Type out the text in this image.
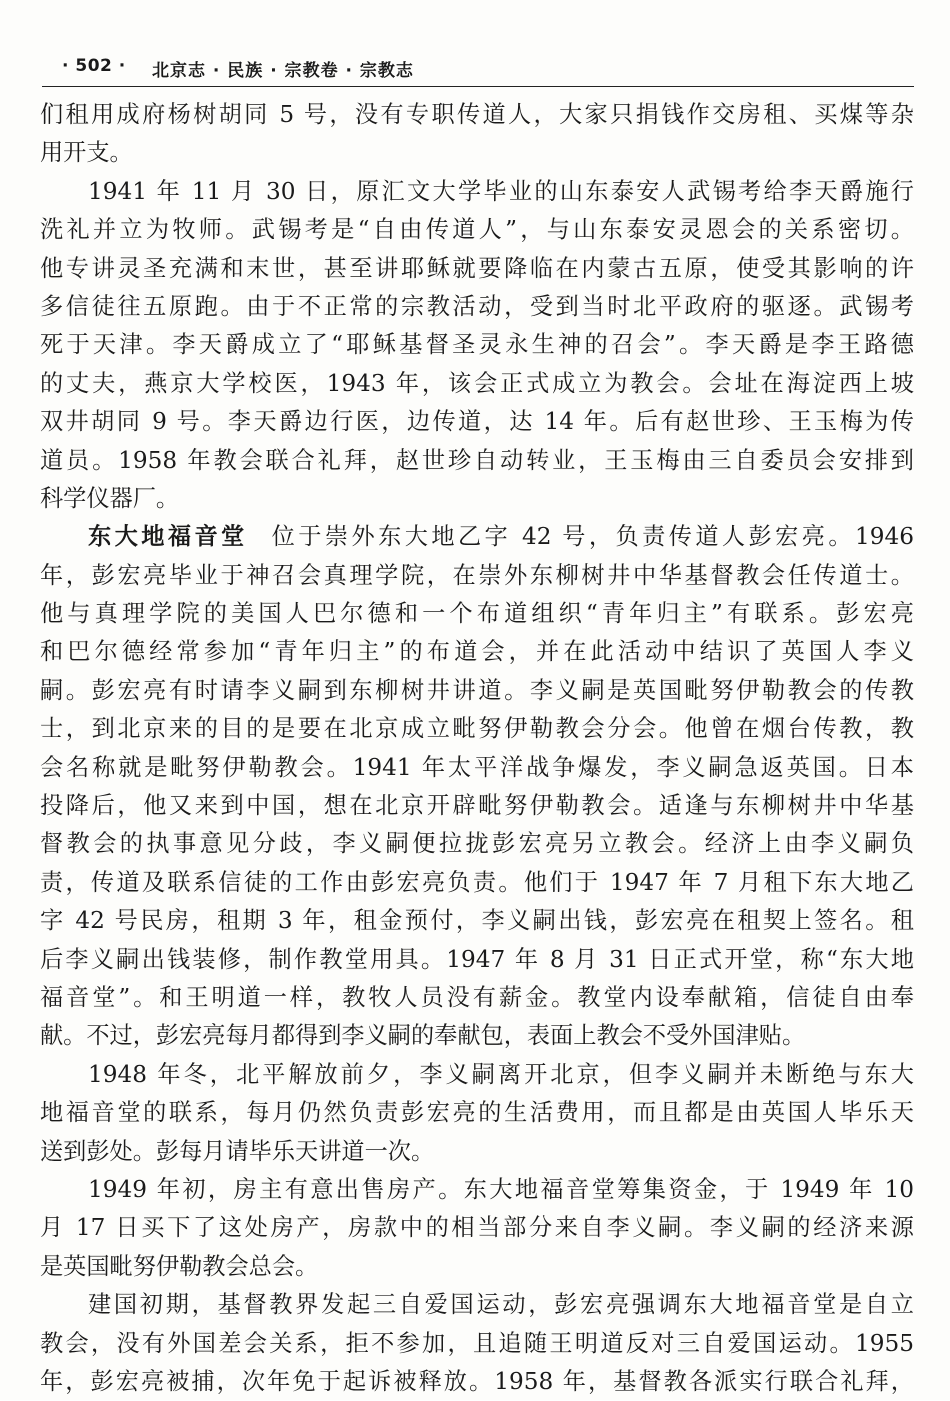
· 502 · 北京志 · 民族 · 宗教卷 · 宗教志
们租用成府杨树胡同 5 号，没有专职传道人，大家只捐钱作交房租、买煤等杂
用开支。
1941 年 11 月 30 日，原汇文大学毕业的山东泰安人武锡考给李天爵施行
洗礼并立为牧师。武锡考是“自由传道人”，与山东泰安灵恩会的关系密切。
他专讲灵圣充满和末世，甚至讲耶稣就要降临在内蒙古五原，使受其影响的许
多信徒往五原跑。由于不正常的宗教活动，受到当时北平政府的驱逐。武锡考
死于天津。李天爵成立了“耶稣基督圣灵永生神的召会”。李天爵是李王路德
的丈夫，燕京大学校医，1943 年，该会正式成立为教会。会址在海淀西上坡
双井胡同 9 号。李天爵边行医，边传道，达 14 年。后有赵世珍、王玉梅为传
道员。1958 年教会联合礼拜，赵世珍自动转业，王玉梅由三自委员会安排到
科学仪器厂。
东大地福音堂 位于崇外东大地乙字 42 号，负责传道人彭宏亮。1946
年，彭宏亮毕业于神召会真理学院，在崇外东柳树井中华基督教会任传道士。
他与真理学院的美国人巴尔德和一个布道组织“青年归主”有联系。彭宏亮
和巴尔德经常参加“青年归主”的布道会，并在此活动中结识了英国人李义
嗣。彭宏亮有时请李义嗣到东柳树井讲道。李义嗣是英国毗努伊勒教会的传教
士，到北京来的目的是要在北京成立毗努伊勒教会分会。他曾在烟台传教，教
会名称就是毗努伊勒教会。1941 年太平洋战争爆发，李义嗣急返英国。日本
投降后，他又来到中国，想在北京开辟毗努伊勒教会。适逢与东柳树井中华基
督教会的执事意见分歧，李义嗣便拉拢彭宏亮另立教会。经济上由李义嗣负
责，传道及联系信徒的工作由彭宏亮负责。他们于 1947 年 7 月租下东大地乙
字 42 号民房，租期 3 年，租金预付，李义嗣出钱，彭宏亮在租契上签名。租
后李义嗣出钱装修，制作教堂用具。1947 年 8 月 31 日正式开堂，称“东大地
福音堂”。和王明道一样，教牧人员没有薪金。教堂内设奉献箱，信徒自由奉
献。不过，彭宏亮每月都得到李义嗣的奉献包，表面上教会不受外国津贴。
1948 年冬，北平解放前夕，李义嗣离开北京，但李义嗣并未断绝与东大
地福音堂的联系，每月仍然负责彭宏亮的生活费用，而且都是由英国人毕乐天
送到彭处。彭每月请毕乐天讲道一次。
1949 年初，房主有意出售房产。东大地福音堂筹集资金，于 1949 年 10
月 17 日买下了这处房产，房款中的相当部分来自李义嗣。李义嗣的经济来源
是英国毗努伊勒教会总会。
建国初期，基督教界发起三自爱国运动，彭宏亮强调东大地福音堂是自立
教会，没有外国差会关系，拒不参加，且追随王明道反对三自爱国运动。1955
年，彭宏亮被捕，次年免于起诉被释放。1958 年，基督教各派实行联合礼拜，
